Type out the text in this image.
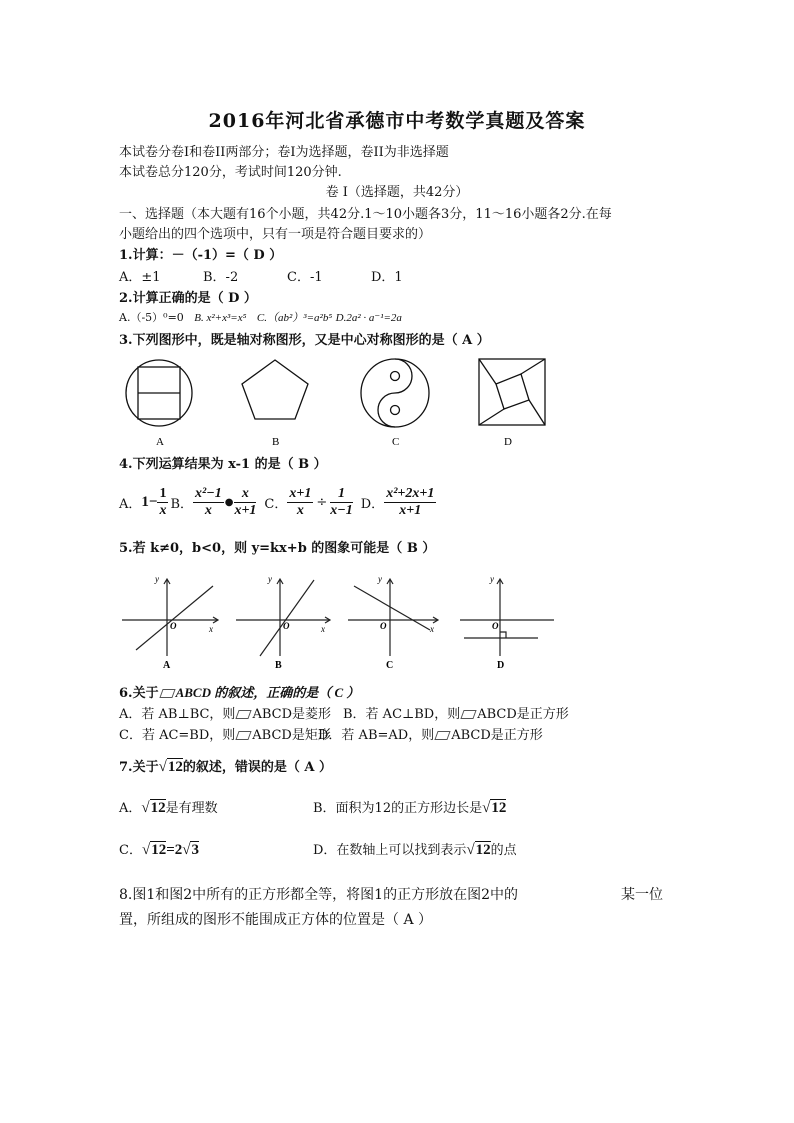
2016年河北省承德市中考数学真题及答案
本试卷分卷I和卷II两部分；卷I为选择题，卷II为非选择题
本试卷总分120分，考试时间120分钟.
卷 I（选择题，共42分）
一、选择题（本大题有16个小题，共42分.1～10小题各3分，11～16小题各2分.在每
小题给出的四个选项中，只有一项是符合题目要求的）
1.计算：－（-1）=（ D ）
A．±1	B．-2	C．-1	D．1
2.计算正确的是（ D ）
A.（-5）⁰=0 B. x²+x³=x⁵ C.（ab²）³=a²b⁵ D.2a² · a⁻¹=2a
3.下列图形中，既是轴对称图形，又是中心对称图形的是（ A ）
A	B	C	D
4.下列运算结果为 x-1 的是（ B ）
A． $1- \frac{1}{x}$ B． $\frac{\text{x²−1}}{x}$ ● $\frac{x}{x+1}$ C． $\frac{x+1}{x} \div \frac{1}{x-1}$ D． $\frac{\text{x²+2x+1}}{x+1}$
5.若 k≠0，b<0，则 y=kx+b 的图象可能是（ B ）
y
x
O
y
x
O
y
x
O
y
O
A	B	C	D
6.关于 ABCD 的叙述，正确的是（ C ）
A．若 AB⊥BC，则 ABCD是菱形 B．若 AC⊥BD，则 ABCD是正方形
C．若 AC=BD，则 ABCD是矩形
D．若 AB=AD，则 ABCD是正方形
7.关于√12的叙述，错误的是（ A ）
A．√12是有理数	B．面积为12的正方形边长是√12
C．√12=2√3	D．在数轴上可以找到表示√12的点
8.图1和图2中所有的正方形都全等，将图1的正方形放在图2中的	某一位
置，所组成的图形不能围成正方体的位置是（ A ）
